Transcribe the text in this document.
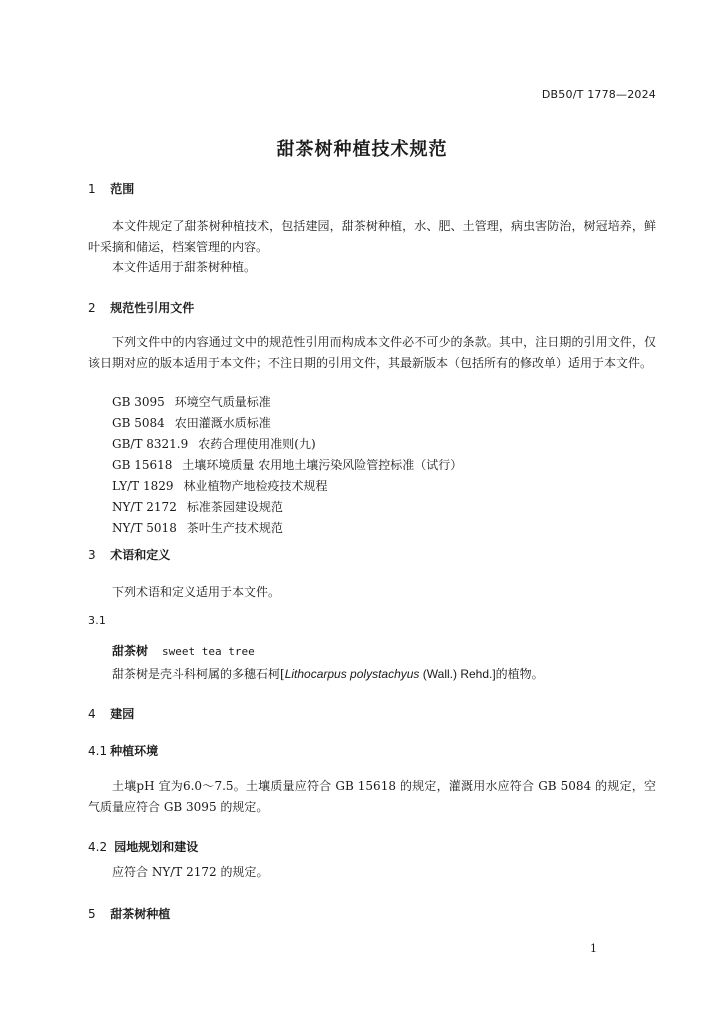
DB50/T 1778—2024
甜茶树种植技术规范
1 范围
本文件规定了甜茶树种植技术，包括建园，甜茶树种植，水、肥、土管理，病虫害防治，树冠培养，鲜叶采摘和储运，档案管理的内容。
本文件适用于甜茶树种植。
2 规范性引用文件
下列文件中的内容通过文中的规范性引用而构成本文件必不可少的条款。其中，注日期的引用文件，仅该日期对应的版本适用于本文件；不注日期的引用文件，其最新版本（包括所有的修改单）适用于本文件。
GB 3095 环境空气质量标准
GB 5084 农田灌溉水质标准
GB/T 8321.9 农药合理使用准则(九)
GB 15618 土壤环境质量 农用地土壤污染风险管控标准（试行）
LY/T 1829 林业植物产地检疫技术规程
NY/T 2172 标准茶园建设规范
NY/T 5018 茶叶生产技术规范
3 术语和定义
下列术语和定义适用于本文件。
3.1
甜茶树 sweet tea tree
甜茶树是壳斗科柯属的多穗石柯[Lithocarpus polystachyus (Wall.) Rehd.]的植物。
4 建园
4.1 种植环境
土壤pH 宜为6.0～7.5。土壤质量应符合 GB 15618 的规定，灌溉用水应符合 GB 5084 的规定，空气质量应符合 GB 3095 的规定。
4.2 园地规划和建设
应符合 NY/T 2172 的规定。
5 甜茶树种植
1
